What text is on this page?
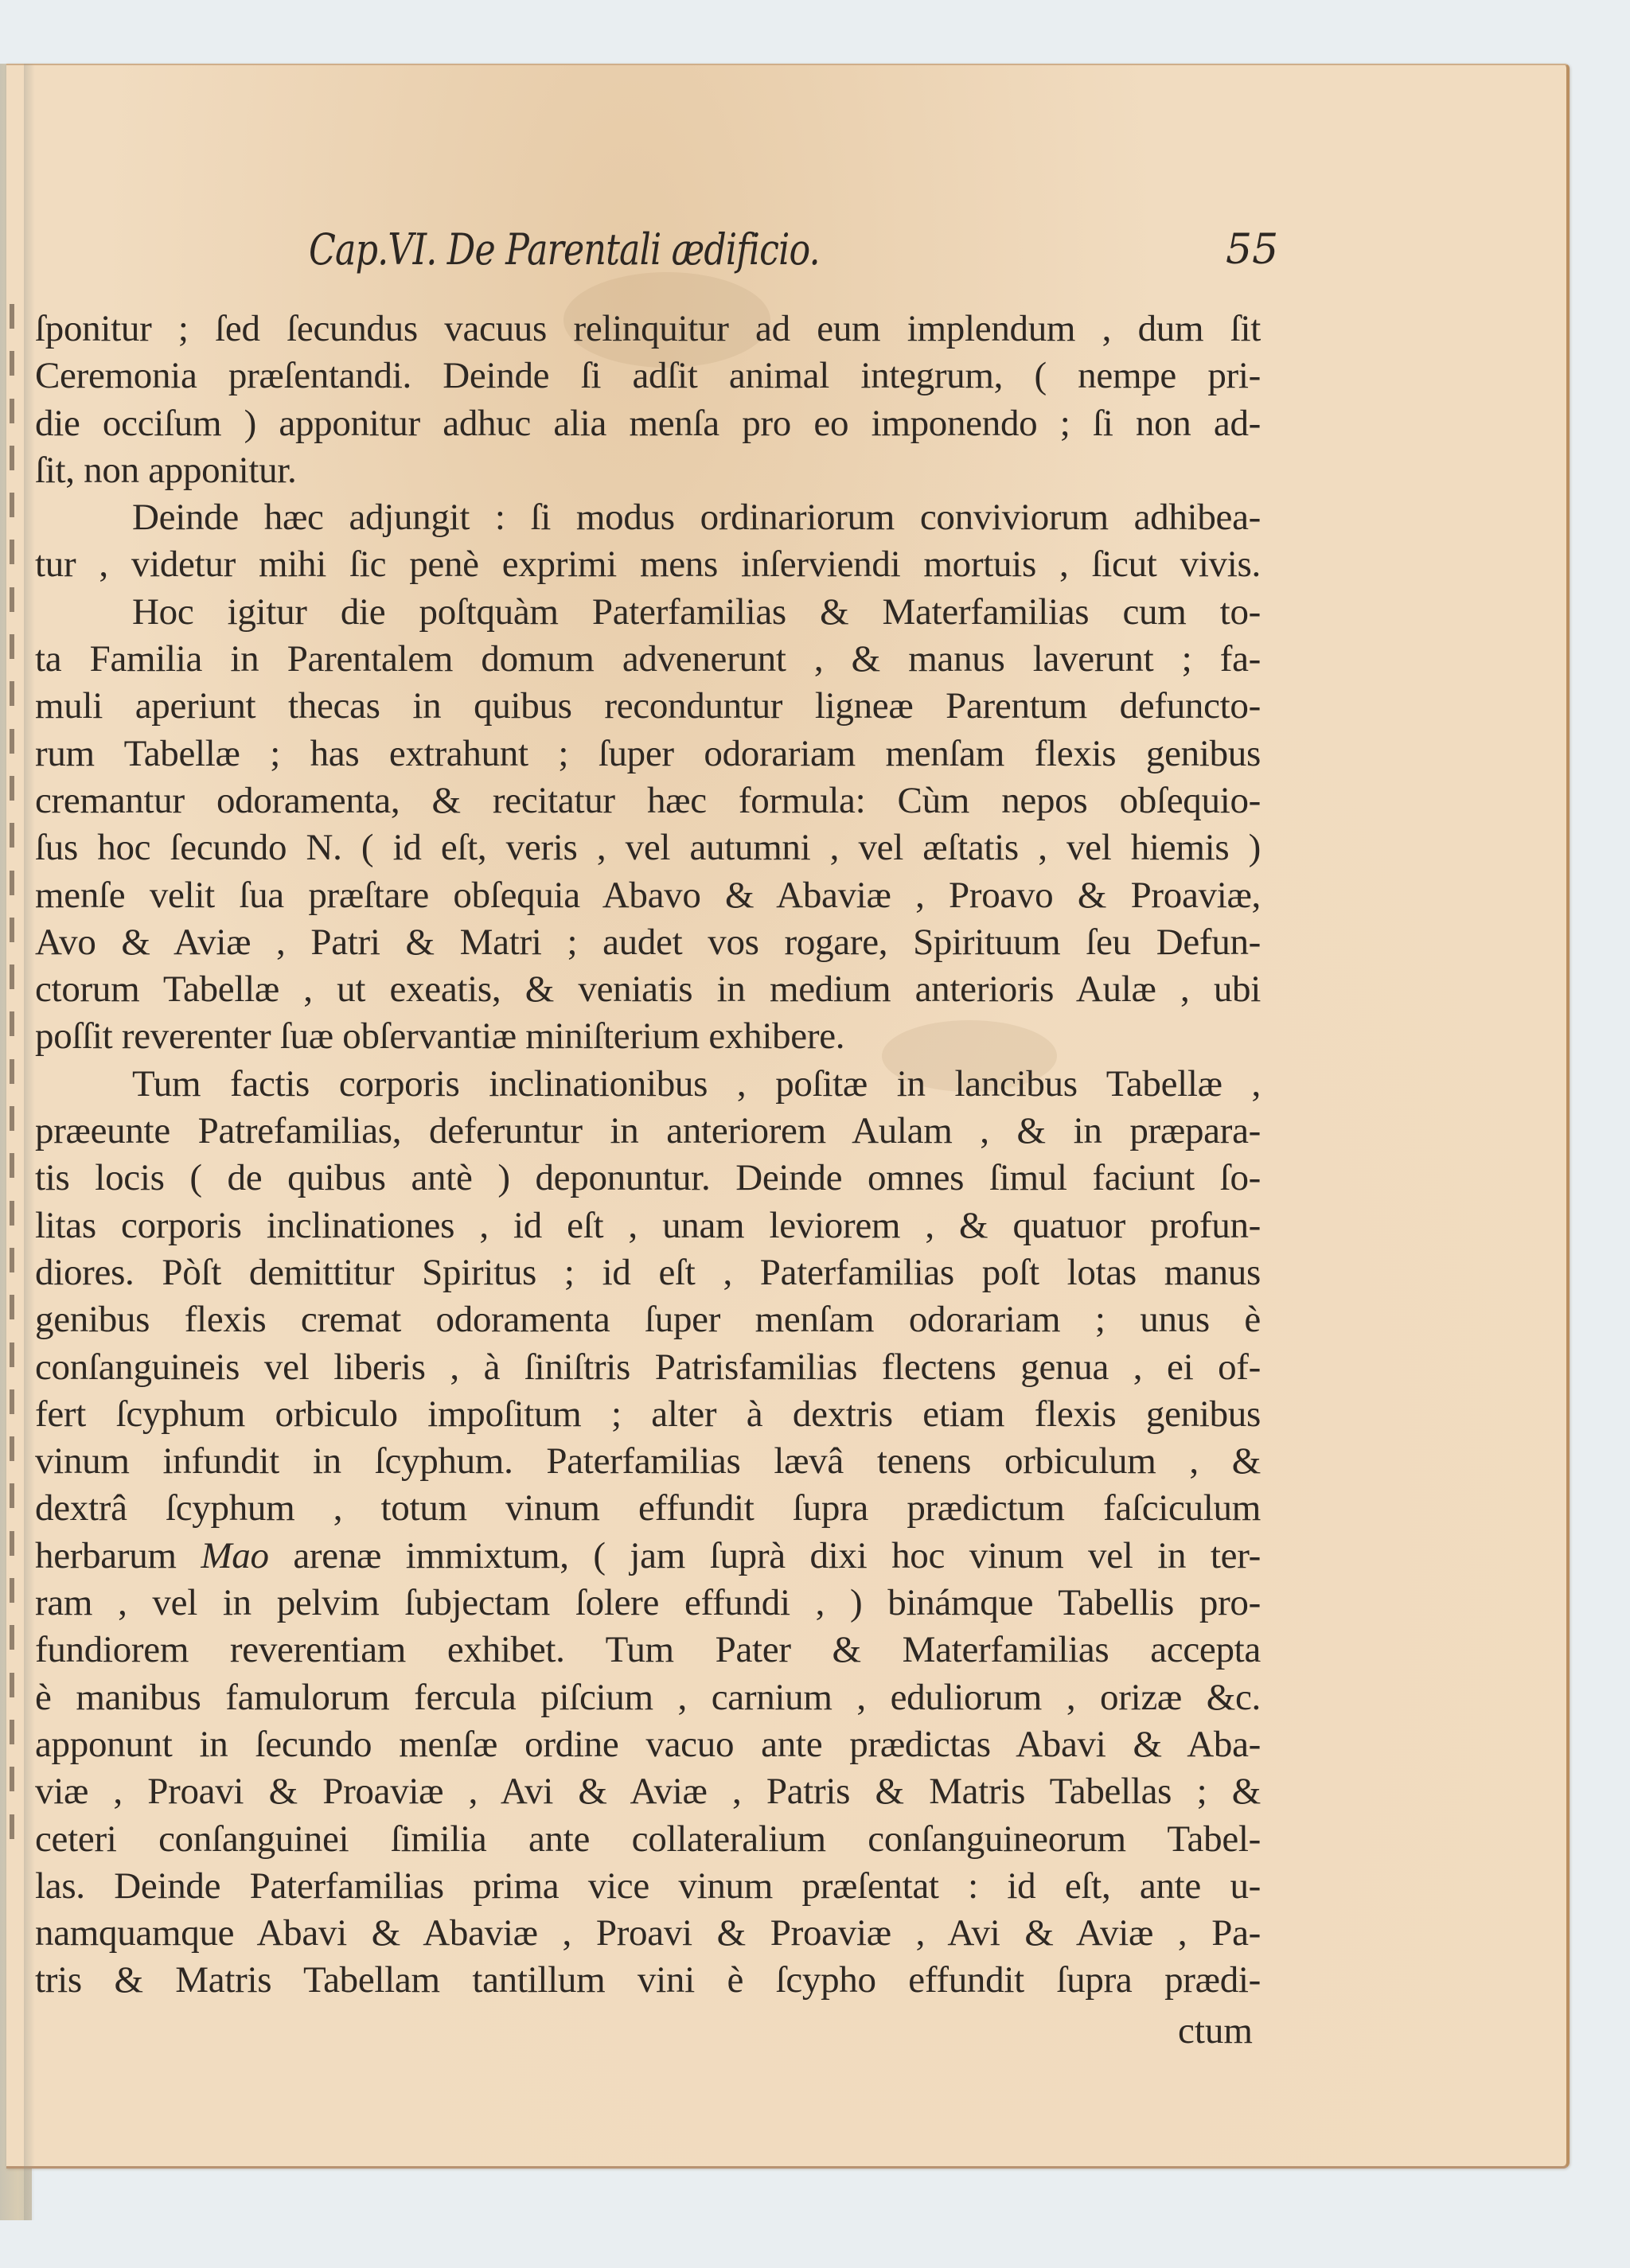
Cap.VI. De Parentali ædificio.	55
ſponitur ; ſed ſecundus vacuus relinquitur ad eum implendum , dum ſit
Ceremonia præſentandi. Deinde ſi adſit animal integrum, ( nempe pri-
die occiſum ) apponitur adhuc alia menſa pro eo imponendo ; ſi non ad-
ſit, non apponitur.
Deinde hæc adjungit : ſi modus ordinariorum conviviorum adhibea-
tur , videtur mihi ſic penè exprimi mens inſerviendi mortuis , ſicut vivis.
Hoc igitur die poſtquàm Paterfamilias & Materfamilias cum to-
ta Familia in Parentalem domum advenerunt , & manus laverunt ; fa-
muli aperiunt thecas in quibus reconduntur ligneæ Parentum defuncto-
rum Tabellæ ; has extrahunt ; ſuper odorariam menſam flexis genibus
cremantur odoramenta, & recitatur hæc formula: Cùm nepos obſequio-
ſus hoc ſecundo N. ( id eſt, veris , vel autumni , vel æſtatis , vel hiemis )
menſe velit ſua præſtare obſequia Abavo & Abaviæ , Proavo & Proaviæ,
Avo & Aviæ , Patri & Matri ; audet vos rogare, Spirituum ſeu Defun-
ctorum Tabellæ , ut exeatis, & veniatis in medium anterioris Aulæ , ubi
poſſit reverenter ſuæ obſervantiæ miniſterium exhibere.
Tum factis corporis inclinationibus , poſitæ in lancibus Tabellæ ,
præeunte Patrefamilias, deferuntur in anteriorem Aulam , & in præpara-
tis locis ( de quibus antè ) deponuntur. Deinde omnes ſimul faciunt ſo-
litas corporis inclinationes , id eſt , unam leviorem , & quatuor profun-
diores. Pòſt demittitur Spiritus ; id eſt , Paterfamilias poſt lotas manus
genibus flexis cremat odoramenta ſuper menſam odorariam ; unus è
conſanguineis vel liberis , à ſiniſtris Patrisfamilias flectens genua , ei of-
fert ſcyphum orbiculo impoſitum ; alter à dextris etiam flexis genibus
vinum infundit in ſcyphum. Paterfamilias lævâ tenens orbiculum , &
dextrâ ſcyphum , totum vinum effundit ſupra prædictum faſciculum
herbarum Mao arenæ immixtum, ( jam ſuprà dixi hoc vinum vel in ter-
ram , vel in pelvim ſubjectam ſolere effundi , ) binámque Tabellis pro-
fundiorem reverentiam exhibet. Tum Pater & Materfamilias accepta
è manibus famulorum fercula piſcium , carnium , eduliorum , orizæ &c.
apponunt in ſecundo menſæ ordine vacuo ante prædictas Abavi & Aba-
viæ , Proavi & Proaviæ , Avi & Aviæ , Patris & Matris Tabellas ; &
ceteri conſanguinei ſimilia ante collateralium conſanguineorum Tabel-
las. Deinde Paterfamilias prima vice vinum præſentat : id eſt, ante u-
namquamque Abavi & Abaviæ , Proavi & Proaviæ , Avi & Aviæ , Pa-
tris & Matris Tabellam tantillum vini è ſcypho effundit ſupra prædi-
ctum
